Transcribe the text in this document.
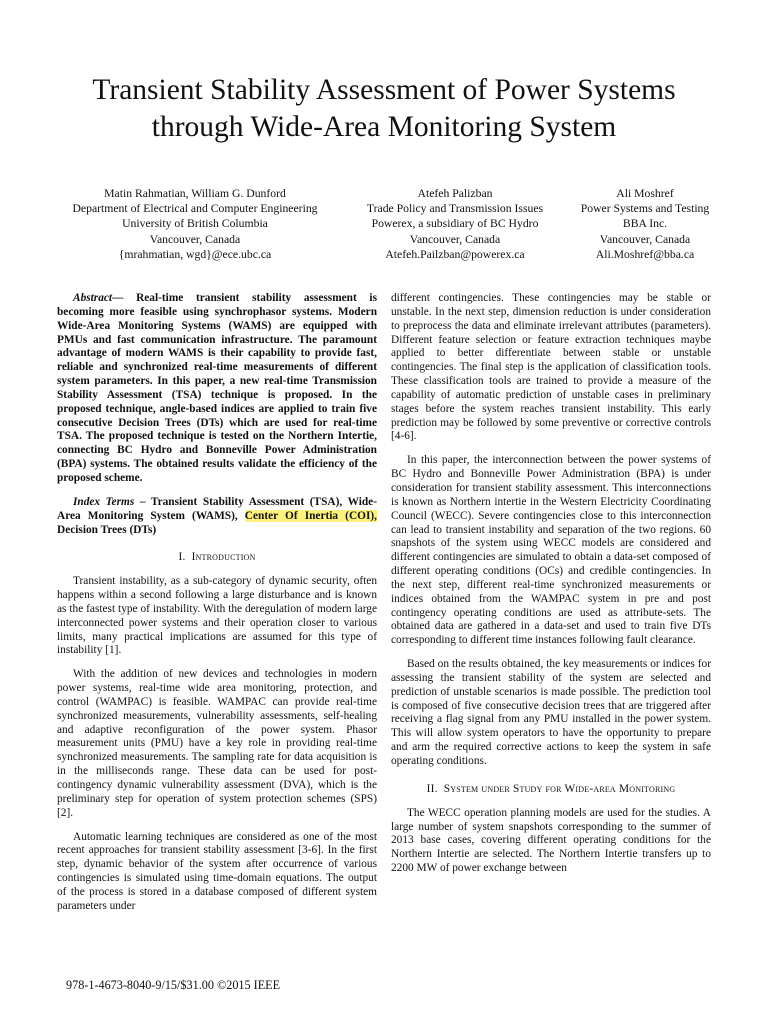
Transient Stability Assessment of Power Systems
through Wide-Area Monitoring System
Matin Rahmatian, William G. Dunford
Department of Electrical and Computer Engineering
University of British Columbia
Vancouver, Canada
{mrahmatian, wgd}@ece.ubc.ca
Atefeh Palizban
Trade Policy and Transmission Issues
Powerex, a subsidiary of BC Hydro
Vancouver, Canada
Atefeh.Pailzban@powerex.ca
Ali Moshref
Power Systems and Testing
BBA Inc.
Vancouver, Canada
Ali.Moshref@bba.ca

Abstract— Real-time transient stability assessment is becoming more feasible using synchrophasor systems. Modern Wide-Area Monitoring Systems (WAMS) are equipped with PMUs and fast communication infrastructure. The paramount advantage of modern WAMS is their capability to provide fast, reliable and synchronized real-time measurements of different system parameters. In this paper, a new real-time Transmission Stability Assessment (TSA) technique is proposed. In the proposed technique, angle-based indices are applied to train five consecutive Decision Trees (DTs) which are used for real-time TSA. The proposed technique is tested on the Northern Intertie, connecting BC Hydro and Bonneville Power Administration (BPA) systems. The obtained results validate the efficiency of the proposed scheme.

Index Terms – Transient Stability Assessment (TSA), Wide-Area Monitoring System (WAMS), Center Of Inertia (COI), Decision Trees (DTs)

I. Introduction

Transient instability, as a sub-category of dynamic security, often happens within a second following a large disturbance and is known as the fastest type of instability. With the deregulation of modern large interconnected power systems and their operation closer to various limits, many practical implications are assumed for this type of instability [1].

With the addition of new devices and technologies in modern power systems, real-time wide area monitoring, protection, and control (WAMPAC) is feasible. WAMPAC can provide real-time synchronized measurements, vulnerability assessments, self-healing and adaptive reconfiguration of the power system. Phasor measurement units (PMU) have a key role in providing real-time synchronized measurements. The sampling rate for data acquisition is in the milliseconds range. These data can be used for post-contingency dynamic vulnerability assessment (DVA), which is the preliminary step for operation of system protection schemes (SPS) [2].

Automatic learning techniques are considered as one of the most recent approaches for transient stability assessment [3-6]. In the first step, dynamic behavior of the system after occurrence of various contingencies is simulated using time-domain equations. The output of the process is stored in a database composed of different system parameters under

different contingencies. These contingencies may be stable or unstable. In the next step, dimension reduction is under consideration to preprocess the data and eliminate irrelevant attributes (parameters). Different feature selection or feature extraction techniques maybe applied to better differentiate between stable or unstable contingencies. The final step is the application of classification tools. These classification tools are trained to provide a measure of the capability of automatic prediction of unstable cases in preliminary stages before the system reaches transient instability. This early prediction may be followed by some preventive or corrective controls [4-6].

In this paper, the interconnection between the power systems of BC Hydro and Bonneville Power Administration (BPA) is under consideration for transient stability assessment. This interconnections is known as Northern intertie in the Western Electricity Coordinating Council (WECC). Severe contingencies close to this interconnection can lead to transient instability and separation of the two regions. 60 snapshots of the system using WECC models are considered and different contingencies are simulated to obtain a data-set composed of different operating conditions (OCs) and credible contingencies. In the next step, different real-time synchronized measurements or indices obtained from the WAMPAC system in pre and post contingency operating conditions are used as attribute-sets. The obtained data are gathered in a data-set and used to train five DTs corresponding to different time instances following fault clearance.

Based on the results obtained, the key measurements or indices for assessing the transient stability of the system are selected and prediction of unstable scenarios is made possible. The prediction tool is composed of five consecutive decision trees that are triggered after receiving a flag signal from any PMU installed in the power system. This will allow system operators to have the opportunity to prepare and arm the required corrective actions to keep the system in safe operating conditions.

II. System under Study for Wide-area Monitoring

The WECC operation planning models are used for the studies. A large number of system snapshots corresponding to the summer of 2013 base cases, covering different operating conditions for the Northern Intertie are selected. The Northern Intertie transfers up to 2200 MW of power exchange between

978-1-4673-8040-9/15/$31.00 ©2015 IEEE
